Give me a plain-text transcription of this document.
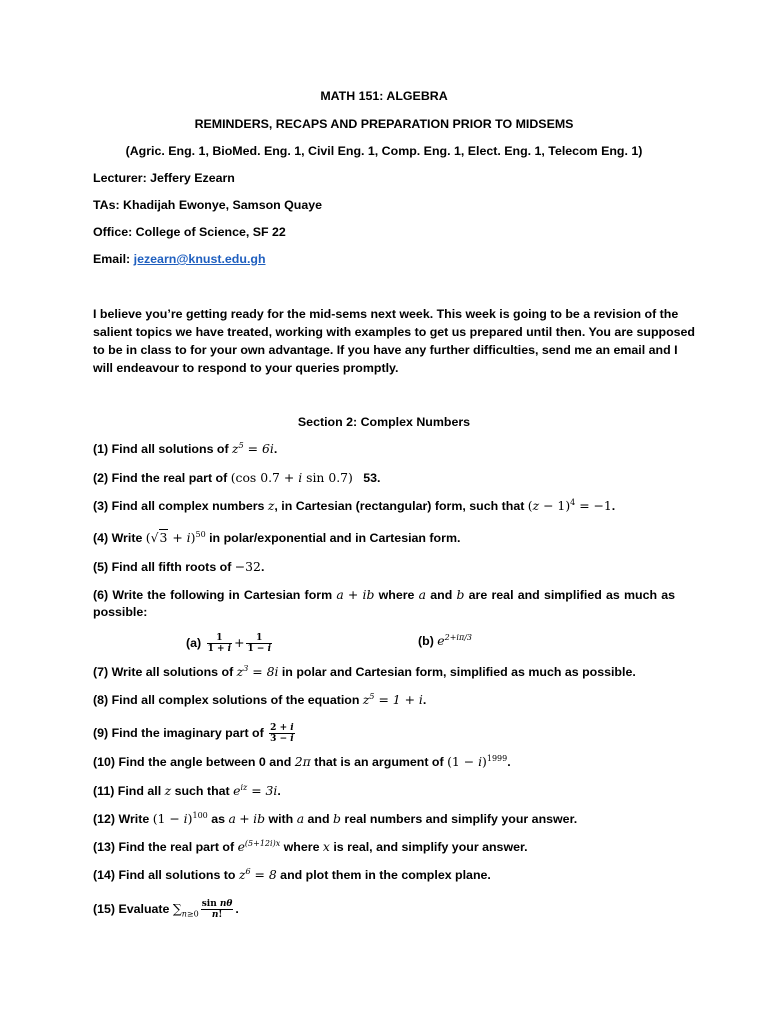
MATH 151: ALGEBRA
REMINDERS, RECAPS AND PREPARATION PRIOR TO MIDSEMS
(Agric. Eng. 1, BioMed. Eng. 1, Civil Eng. 1, Comp. Eng. 1, Elect. Eng. 1, Telecom Eng. 1)
Lecturer: Jeffery Ezearn
TAs: Khadijah Ewonye, Samson Quaye
Office: College of Science, SF 22
Email: jezearn@knust.edu.gh
I believe you’re getting ready for the mid-sems next week. This week is going to be a revision of the
salient topics we have treated, working with examples to get us prepared until then. You are supposed
to be in class to for your own advantage. If you have any further difficulties, send me an email and I
will endeavour to respond to your queries promptly.
Section 2: Complex Numbers
(1) Find all solutions of $z^5 = 6i$.
(2) Find the real part of (cos 0.7 + i sin 0.7)   53.
(3) Find all complex numbers z, in Cartesian (rectangular) form, such that $(z - 1)^4 = -1$.
(4) Write $(√3 + i)^{50}$ in polar/exponential and in Cartesian form.
(5) Find all fifth roots of −32.
(6) Write the following in Cartesian form a + ib where a and b are real and simplified as much as
possible:
$(a) \frac{1}{1 + i} + \frac{1}{1 - i}$	(b) $e^{2+i\pi/3}$
(7) Write all solutions of $z^3 = 8i$ in polar and Cartesian form, simplified as much as possible.
(8) Find all complex solutions of the equation $z^5 = 1 + i$.
(9) Find the imaginary part of $\frac{2 + i}{3 - i}$
(10) Find the angle between 0 and 2π that is an argument of $(1 - i)^{1999}$.
(11) Find all z such that $e^{iz} = 3i$.
(12) Write $(1 - i)^{100}$ as a + ib with a and b real numbers and simplify your answer.
(13) Find the real part of $e^{(5+12i)x}$ where x is real, and simplify your answer.
(14) Find all solutions to $z^6 = 8$ and plot them in the complex plane.
(15) Evaluate $\sum_{n\ge 0} \frac{\text{sin nθ}}{n!}$ .
